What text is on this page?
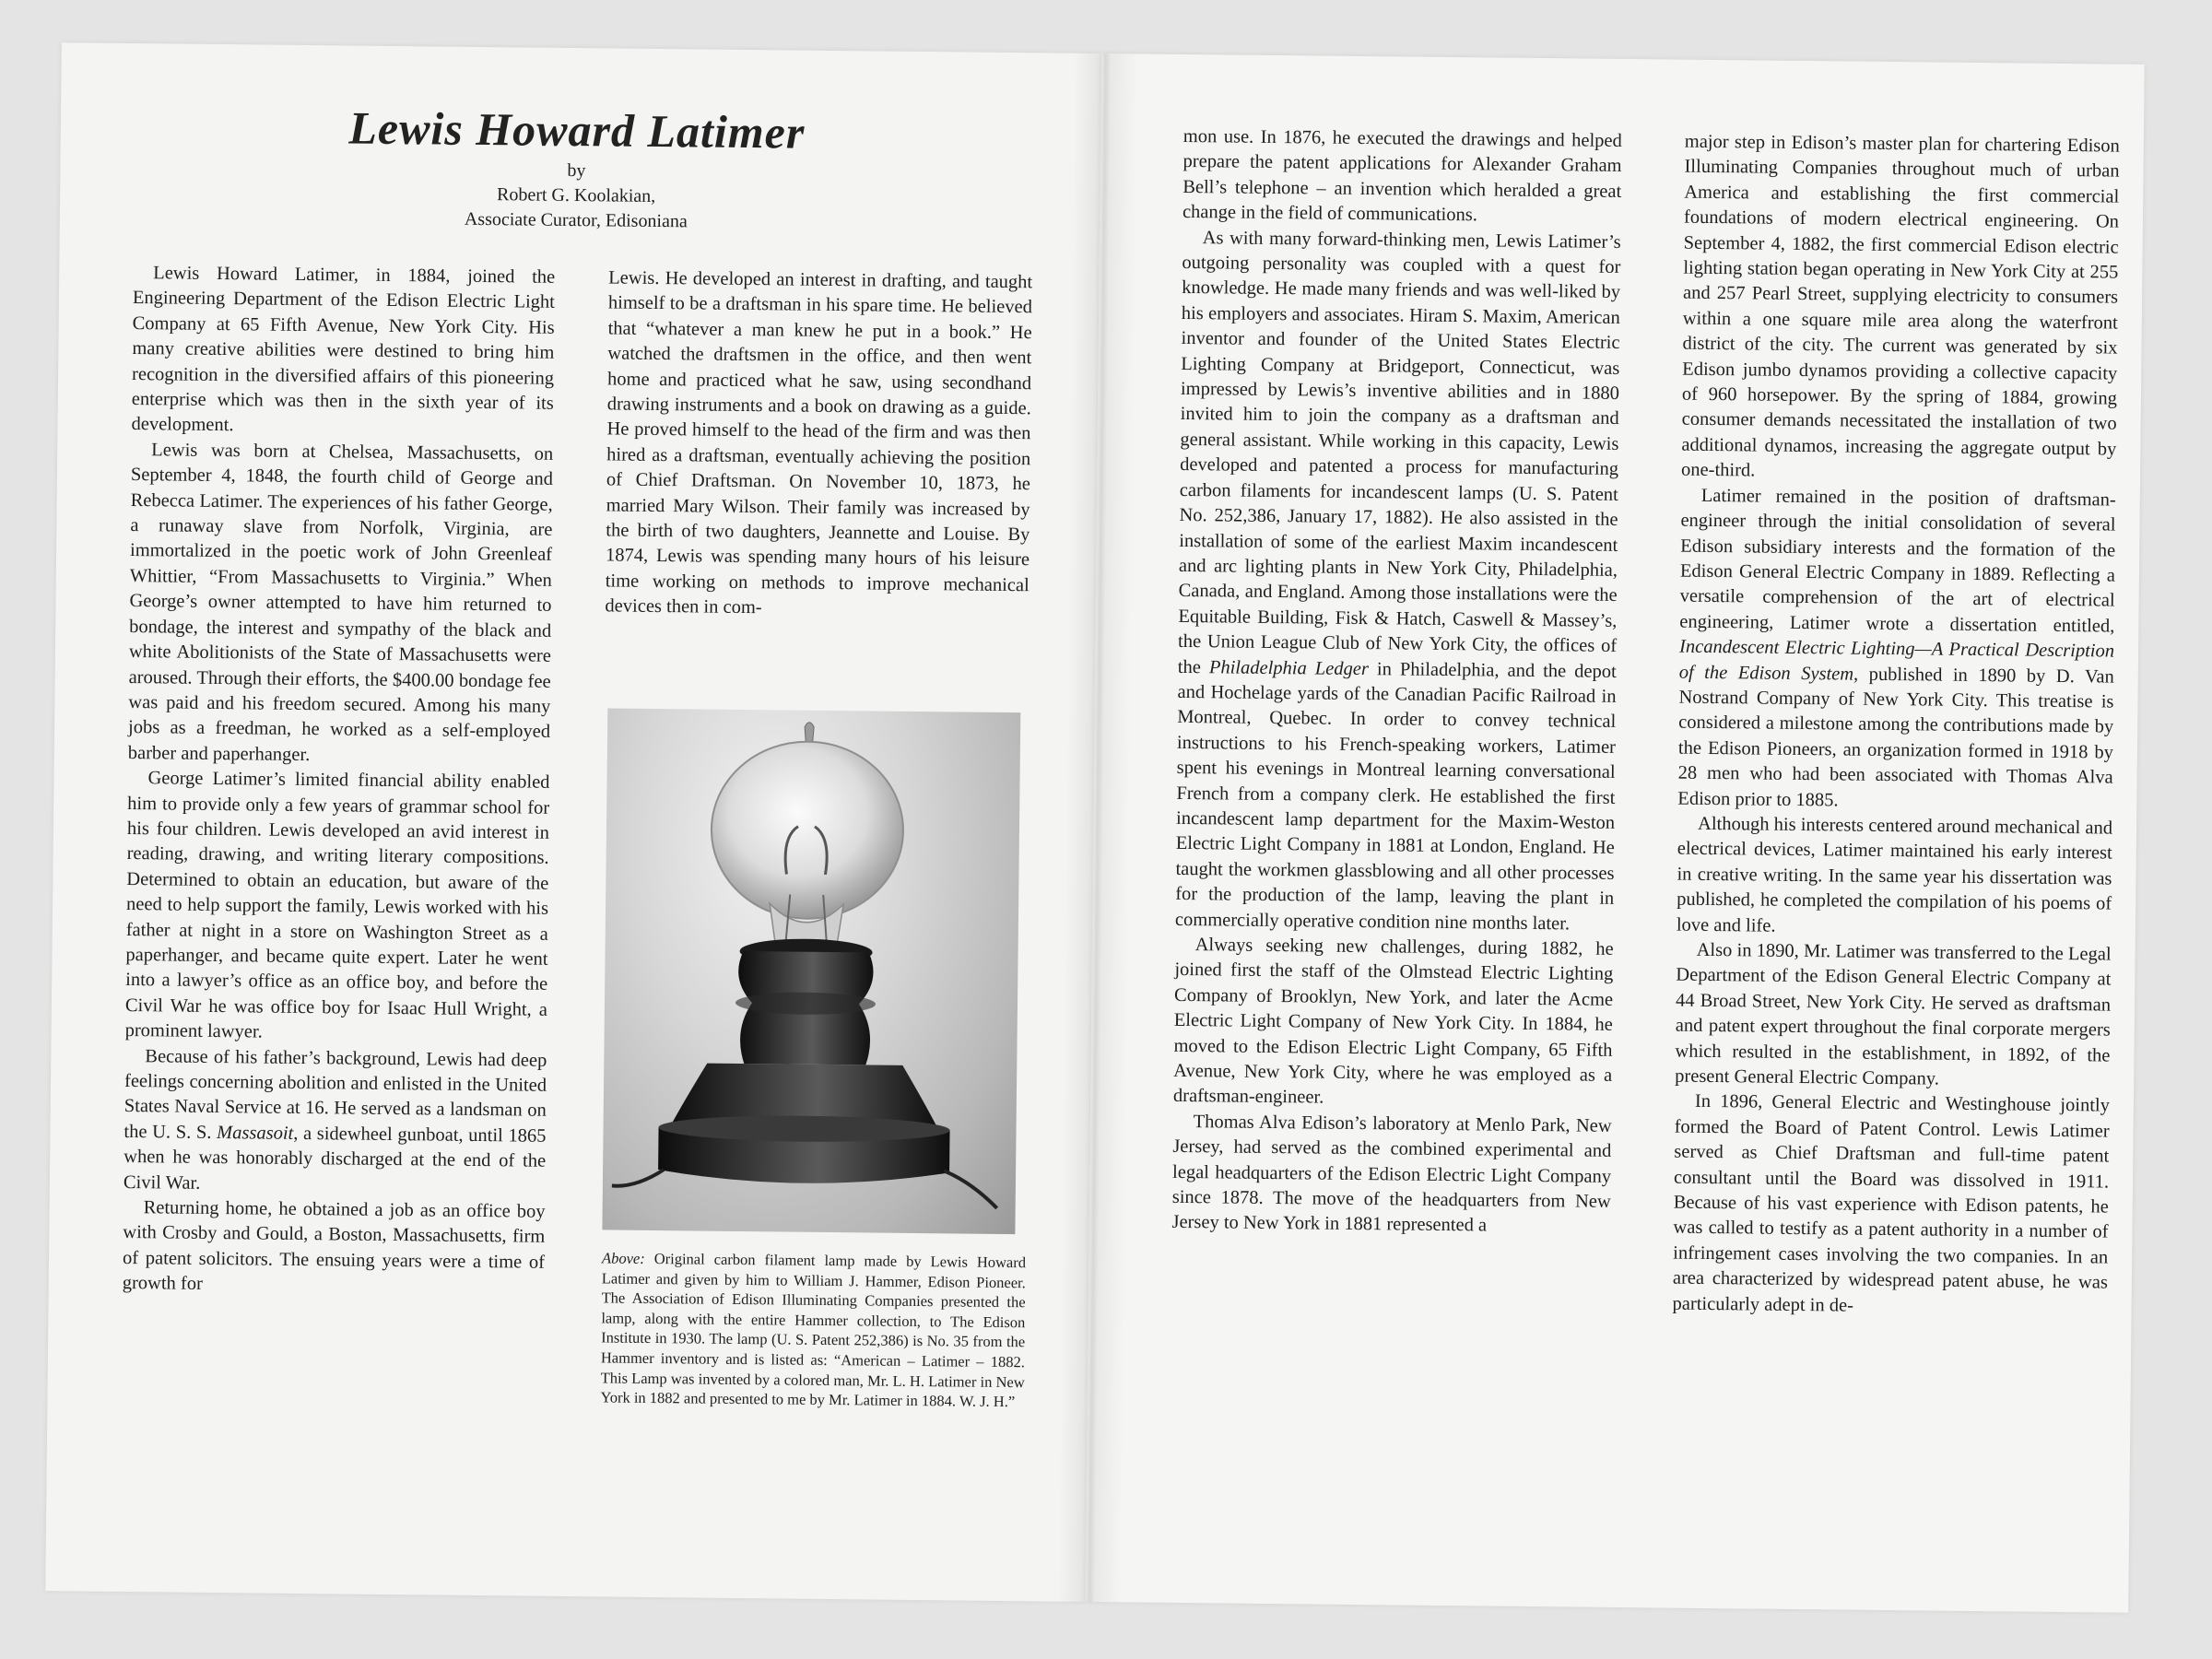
Lewis Howard Latimer
by
Robert G. Koolakian,
Associate Curator, Edisoniana

Lewis Howard Latimer, in 1884, joined the Engineering Department of the Edison Electric Light Company at 65 Fifth Avenue, New York City. His many creative abilities were destined to bring him recognition in the diversified affairs of this pioneering enterprise which was then in the sixth year of its development.

Lewis was born at Chelsea, Massachusetts, on September 4, 1848, the fourth child of George and Rebecca Latimer. The experiences of his father George, a runaway slave from Norfolk, Virginia, are immortalized in the poetic work of John Greenleaf Whittier, “From Massachusetts to Virginia.” When George’s owner attempted to have him returned to bondage, the interest and sympathy of the black and white Abolitionists of the State of Massachusetts were aroused. Through their efforts, the $400.00 bondage fee was paid and his freedom secured. Among his many jobs as a freedman, he worked as a self-employed barber and paperhanger.

George Latimer’s limited financial ability enabled him to provide only a few years of grammar school for his four children. Lewis developed an avid interest in reading, drawing, and writing literary compositions. Determined to obtain an education, but aware of the need to help support the family, Lewis worked with his father at night in a store on Washington Street as a paperhanger, and became quite expert. Later he went into a lawyer’s office as an office boy, and before the Civil War he was office boy for Isaac Hull Wright, a prominent lawyer.

Because of his father’s background, Lewis had deep feelings concerning abolition and enlisted in the United States Naval Service at 16. He served as a landsman on the U. S. S. Massasoit, a sidewheel gunboat, until 1865 when he was honorably discharged at the end of the Civil War.

Returning home, he obtained a job as an office boy with Crosby and Gould, a Boston, Massachusetts, firm of patent solicitors. The ensuing years were a time of growth for

Lewis. He developed an interest in drafting, and taught himself to be a draftsman in his spare time. He believed that “whatever a man knew he put in a book.” He watched the draftsmen in the office, and then went home and practiced what he saw, using secondhand drawing instruments and a book on drawing as a guide. He proved himself to the head of the firm and was then hired as a draftsman, eventually achieving the position of Chief Draftsman. On November 10, 1873, he married Mary Wilson. Their family was increased by the birth of two daughters, Jeannette and Louise. By 1874, Lewis was spending many hours of his leisure time working on methods to improve mechanical devices then in com-

Above: Original carbon filament lamp made by Lewis Howard Latimer and given by him to William J. Hammer, Edison Pioneer. The Association of Edison Illuminating Companies presented the lamp, along with the entire Hammer collection, to The Edison Institute in 1930. The lamp (U. S. Patent 252,386) is No. 35 from the Hammer inventory and is listed as: “American – Latimer – 1882. This Lamp was invented by a colored man, Mr. L. H. Latimer in New York in 1882 and presented to me by Mr. Latimer in 1884. W. J. H.”

mon use. In 1876, he executed the drawings and helped prepare the patent applications for Alexander Graham Bell’s telephone – an invention which heralded a great change in the field of communications.

As with many forward-thinking men, Lewis Latimer’s outgoing personality was coupled with a quest for knowledge. He made many friends and was well-liked by his employers and associates. Hiram S. Maxim, American inventor and founder of the United States Electric Lighting Company at Bridgeport, Connecticut, was impressed by Lewis’s inventive abilities and in 1880 invited him to join the company as a draftsman and general assistant. While working in this capacity, Lewis developed and patented a process for manufacturing carbon filaments for incandescent lamps (U. S. Patent No. 252,386, January 17, 1882). He also assisted in the installation of some of the earliest Maxim incandescent and arc lighting plants in New York City, Philadelphia, Canada, and England. Among those installations were the Equitable Building, Fisk & Hatch, Caswell & Massey’s, the Union League Club of New York City, the offices of the Philadelphia Ledger in Philadelphia, and the depot and Hochelage yards of the Canadian Pacific Railroad in Montreal, Quebec. In order to convey technical instructions to his French-speaking workers, Latimer spent his evenings in Montreal learning conversational French from a company clerk. He established the first incandescent lamp department for the Maxim-Weston Electric Light Company in 1881 at London, England. He taught the workmen glassblowing and all other processes for the production of the lamp, leaving the plant in commercially operative condition nine months later.

Always seeking new challenges, during 1882, he joined first the staff of the Olmstead Electric Lighting Company of Brooklyn, New York, and later the Acme Electric Light Company of New York City. In 1884, he moved to the Edison Electric Light Company, 65 Fifth Avenue, New York City, where he was employed as a draftsman-engineer.

Thomas Alva Edison’s laboratory at Menlo Park, New Jersey, had served as the combined experimental and legal headquarters of the Edison Electric Light Company since 1878. The move of the headquarters from New Jersey to New York in 1881 represented a

major step in Edison’s master plan for chartering Edison Illuminating Companies throughout much of urban America and establishing the first commercial foundations of modern electrical engineering. On September 4, 1882, the first commercial Edison electric lighting station began operating in New York City at 255 and 257 Pearl Street, supplying electricity to consumers within a one square mile area along the waterfront district of the city. The current was generated by six Edison jumbo dynamos providing a collective capacity of 960 horsepower. By the spring of 1884, growing consumer demands necessitated the installation of two additional dynamos, increasing the aggregate output by one-third.

Latimer remained in the position of draftsman-engineer through the initial consolidation of several Edison subsidiary interests and the formation of the Edison General Electric Company in 1889. Reflecting a versatile comprehension of the art of electrical engineering, Latimer wrote a dissertation entitled, Incandescent Electric Lighting—A Practical Description of the Edison System, published in 1890 by D. Van Nostrand Company of New York City. This treatise is considered a milestone among the contributions made by the Edison Pioneers, an organization formed in 1918 by 28 men who had been associated with Thomas Alva Edison prior to 1885.

Although his interests centered around mechanical and electrical devices, Latimer maintained his early interest in creative writing. In the same year his dissertation was published, he completed the compilation of his poems of love and life.

Also in 1890, Mr. Latimer was transferred to the Legal Department of the Edison General Electric Company at 44 Broad Street, New York City. He served as draftsman and patent expert throughout the final corporate mergers which resulted in the establishment, in 1892, of the present General Electric Company.

In 1896, General Electric and Westinghouse jointly formed the Board of Patent Control. Lewis Latimer served as Chief Draftsman and full-time patent consultant until the Board was dissolved in 1911. Because of his vast experience with Edison patents, he was called to testify as a patent authority in a number of infringement cases involving the two companies. In an area characterized by widespread patent abuse, he was particularly adept in de-
